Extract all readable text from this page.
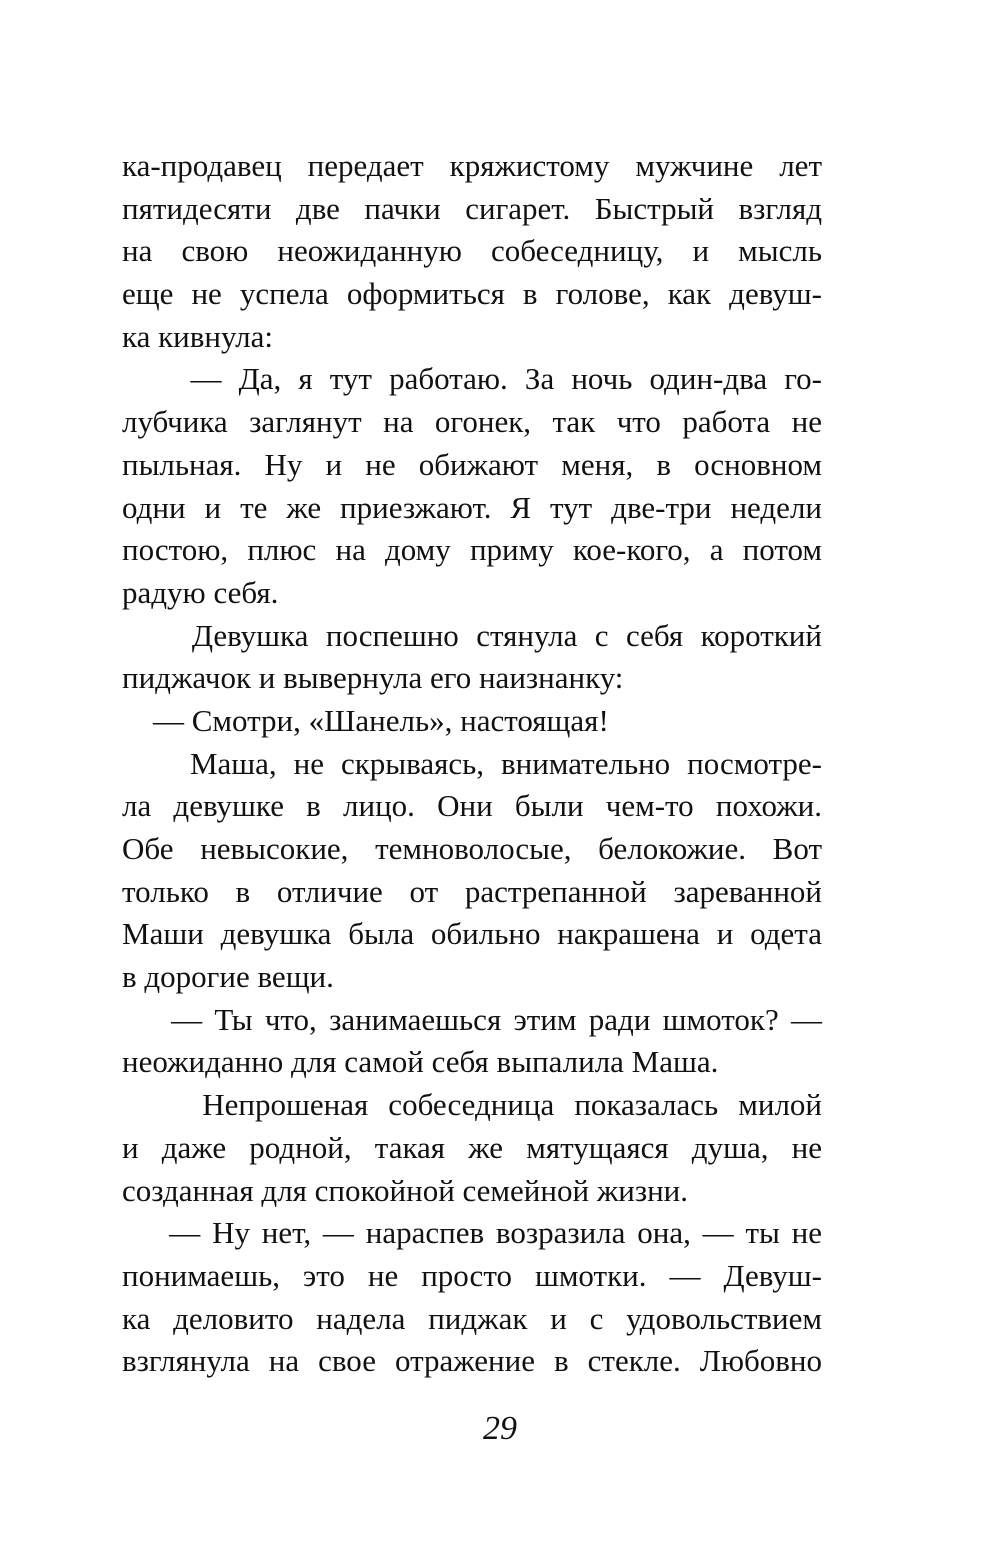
ка-продавец передает кряжистому мужчине лет
пятидесяти две пачки сигарет. Быстрый взгляд
на свою неожиданную собеседницу, и мысль
еще не успела оформиться в голове, как девуш-
ка кивнула:
— Да, я тут работаю. За ночь один-два го-
лубчика заглянут на огонек, так что работа не
пыльная. Ну и не обижают меня, в основном
одни и те же приезжают. Я тут две-три недели
постою, плюс на дому приму кое-кого, а потом
радую себя.
Девушка поспешно стянула с себя короткий
пиджачок и вывернула его наизнанку:
— Смотри, «Шанель», настоящая!
Маша, не скрываясь, внимательно посмотре-
ла девушке в лицо. Они были чем-то похожи.
Обе невысокие, темноволосые, белокожие. Вот
только в отличие от растрепанной зареванной
Маши девушка была обильно накрашена и одета
в дорогие вещи.
— Ты что, занимаешься этим ради шмоток? —
неожиданно для самой себя выпалила Маша.
Непрошеная собеседница показалась милой
и даже родной, такая же мятущаяся душа, не
созданная для спокойной семейной жизни.
— Ну нет, — нараспев возразила она, — ты не
понимаешь, это не просто шмотки. — Девуш-
ка деловито надела пиджак и с удовольствием
взглянула на свое отражение в стекле. Любовно
29
